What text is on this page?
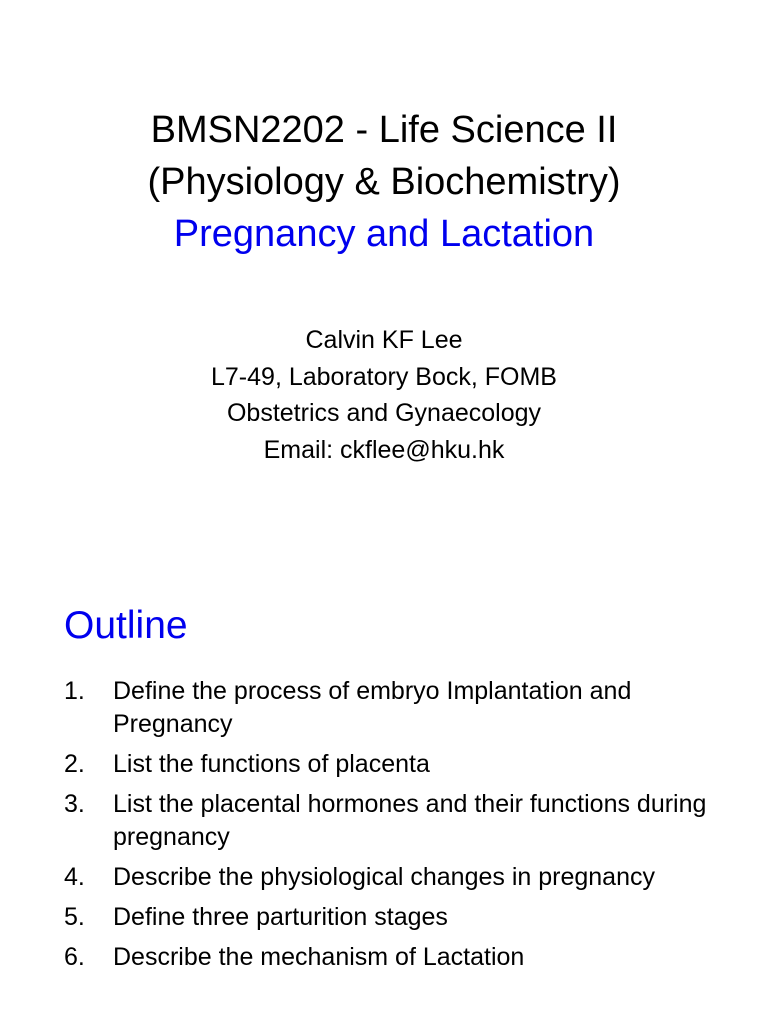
BMSN2202 - Life Science II
(Physiology & Biochemistry)
Pregnancy and Lactation
Calvin KF Lee
L7-49, Laboratory Bock, FOMB
Obstetrics and Gynaecology
Email: ckflee@hku.hk
Outline
1.	Define the process of embryo Implantation and Pregnancy
2.	List the functions of placenta
3.	List the placental hormones and their functions during pregnancy
4.	Describe the physiological changes in pregnancy
5.	Define three parturition stages
6.	Describe the mechanism of Lactation
